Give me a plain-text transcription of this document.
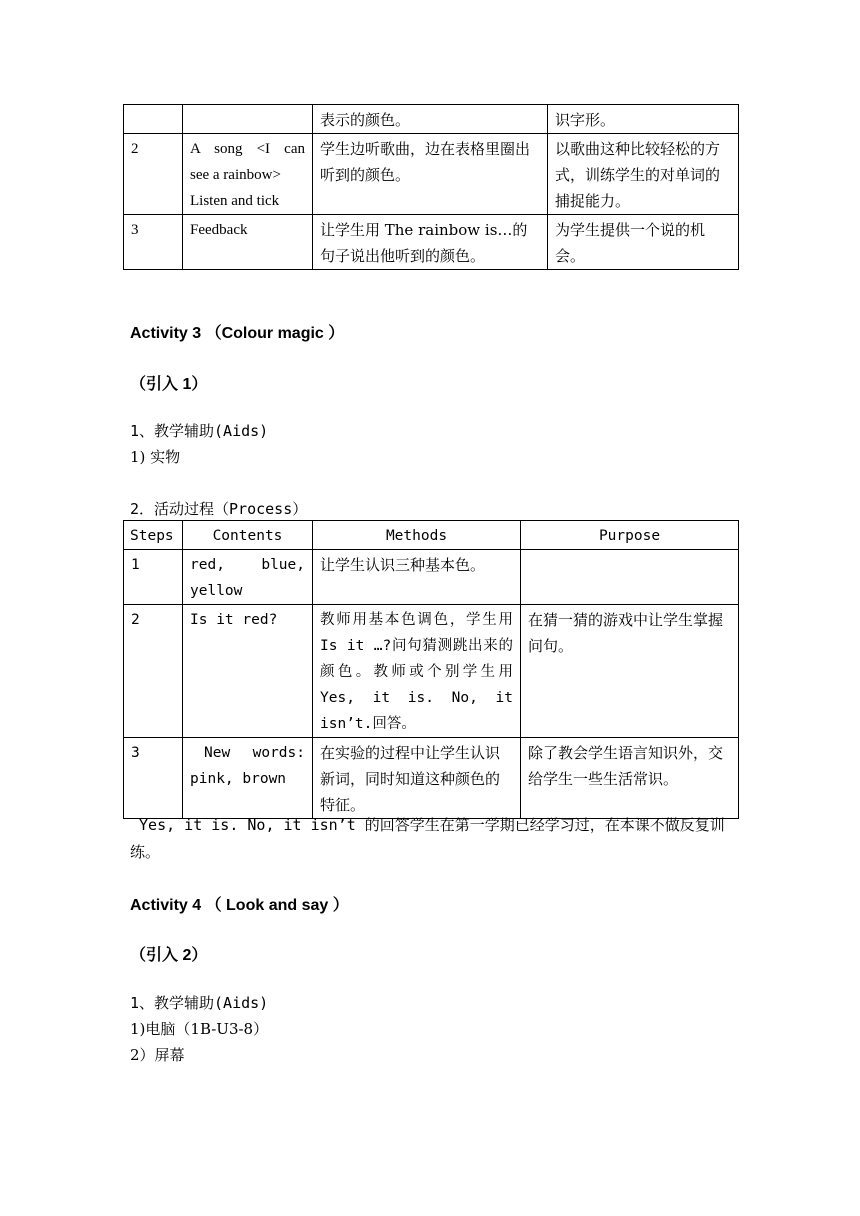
		表示的颜色。	识字形。
2	A song <I can
see a rainbow>
Listen and tick	学生边听歌曲，边在表格里圈出听到的颜色。	以歌曲这种比较轻松的方式，训练学生的对单词的捕捉能力。
3	Feedback	让学生用 The rainbow is…的句子说出他听到的颜色。	为学生提供一个说的机会。
Activity 3 （Colour magic ）
（引入 1）
1、教学辅助(Aids)
1) 实物
2．活动过程（Process）
Steps	Contents	Methods	Purpose
1	red, blue,
yellow	让学生认识三种基本色。	
2	Is it red?	教师用基本色调色，学生用 Is it …?问句猜测跳出来的颜色。教师或个别学生用 Yes, it is. No, it isn’t.回答。	在猜一猜的游戏中让学生掌握问句。
3	New words:
pink, brown	在实验的过程中让学生认识新词，同时知道这种颜色的特征。	除了教会学生语言知识外，交给学生一些生活常识。
Yes, it is. No, it isn’t 的回答学生在第一学期已经学习过，在本课不做反复训练。
Activity 4 （ Look and say ）
（引入 2）
1、教学辅助(Aids)
1)电脑（1B-U3-8）
2）屏幕
